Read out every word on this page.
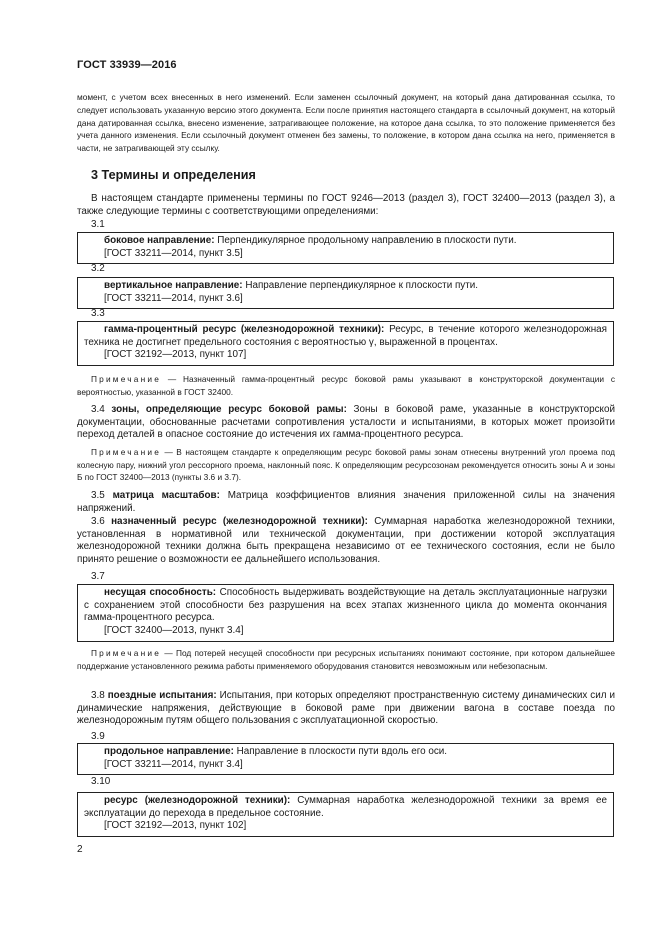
ГОСТ 33939—2016

момент, с учетом всех внесенных в него изменений. Если заменен ссылочный документ, на который дана датированная ссылка, то следует использовать указанную версию этого документа. Если после принятия настоящего стандарта в ссылочный документ, на который дана датированная ссылка, внесено изменение, затрагивающее положение, на которое дана ссылка, то это положение применяется без учета данного изменения. Если ссылочный документ отменен без замены, то положение, в котором дана ссылка на него, применяется в части, не затрагивающей эту ссылку.

3 Термины и определения

В настоящем стандарте применены термины по ГОСТ 9246—2013 (раздел 3), ГОСТ 32400—2013 (раздел 3), а также следующие термины с соответствующими определениями:

3.1

боковое направление: Перпендикулярное продольному направлению в плоскости пути.

[ГОСТ 33211—2014, пункт 3.5]

3.2

вертикальное направление: Направление перпендикулярное к плоскости пути.

[ГОСТ 33211—2014, пункт 3.6]

3.3

гамма-процентный ресурс (железнодорожной техники): Ресурс, в течение которого железнодорожная техника не достигнет предельного состояния с вероятностью γ, выраженной в процентах.

[ГОСТ 32192—2013, пункт 107]

Примечание — Назначенный гамма-процентный ресурс боковой рамы указывают в конструкторской документации с вероятностью, указанной в ГОСТ 32400.

3.4 зоны, определяющие ресурс боковой рамы: Зоны в боковой раме, указанные в конструкторской документации, обоснованные расчетами сопротивления усталости и испытаниями, в которых может произойти переход деталей в опасное состояние до истечения их гамма-процентного ресурса.

Примечание — В настоящем стандарте к определяющим ресурс боковой рамы зонам отнесены внутренний угол проема под колесную пару, нижний угол рессорного проема, наклонный пояс. К определяющим ресурсозонам рекомендуется относить зоны А и зоны Б по ГОСТ 32400—2013 (пункты 3.6 и 3.7).

3.5 матрица масштабов: Матрица коэффициентов влияния значения приложенной силы на значения напряжений.

3.6 назначенный ресурс (железнодорожной техники): Суммарная наработка железнодорожной техники, установленная в нормативной или технической документации, при достижении которой эксплуатация железнодорожной техники должна быть прекращена независимо от ее технического состояния, если не было принято решение о возможности ее дальнейшего использования.

3.7

несущая способность: Способность выдерживать воздействующие на деталь эксплуатационные нагрузки с сохранением этой способности без разрушения на всех этапах жизненного цикла до момента окончания гамма-процентного ресурса.

[ГОСТ 32400—2013, пункт 3.4]

Примечание — Под потерей несущей способности при ресурсных испытаниях понимают состояние, при котором дальнейшее поддержание установленного режима работы применяемого оборудования становится невозможным или небезопасным.

3.8 поездные испытания: Испытания, при которых определяют пространственную систему динамических сил и динамические напряжения, действующие в боковой раме при движении вагона в составе поезда по железнодорожным путям общего пользования с эксплуатационной скоростью.

3.9

продольное направление: Направление в плоскости пути вдоль его оси.

[ГОСТ 33211—2014, пункт 3.4]

3.10

ресурс (железнодорожной техники): Суммарная наработка железнодорожной техники за время ее эксплуатации до перехода в предельное состояние.

[ГОСТ 32192—2013, пункт 102]

2
